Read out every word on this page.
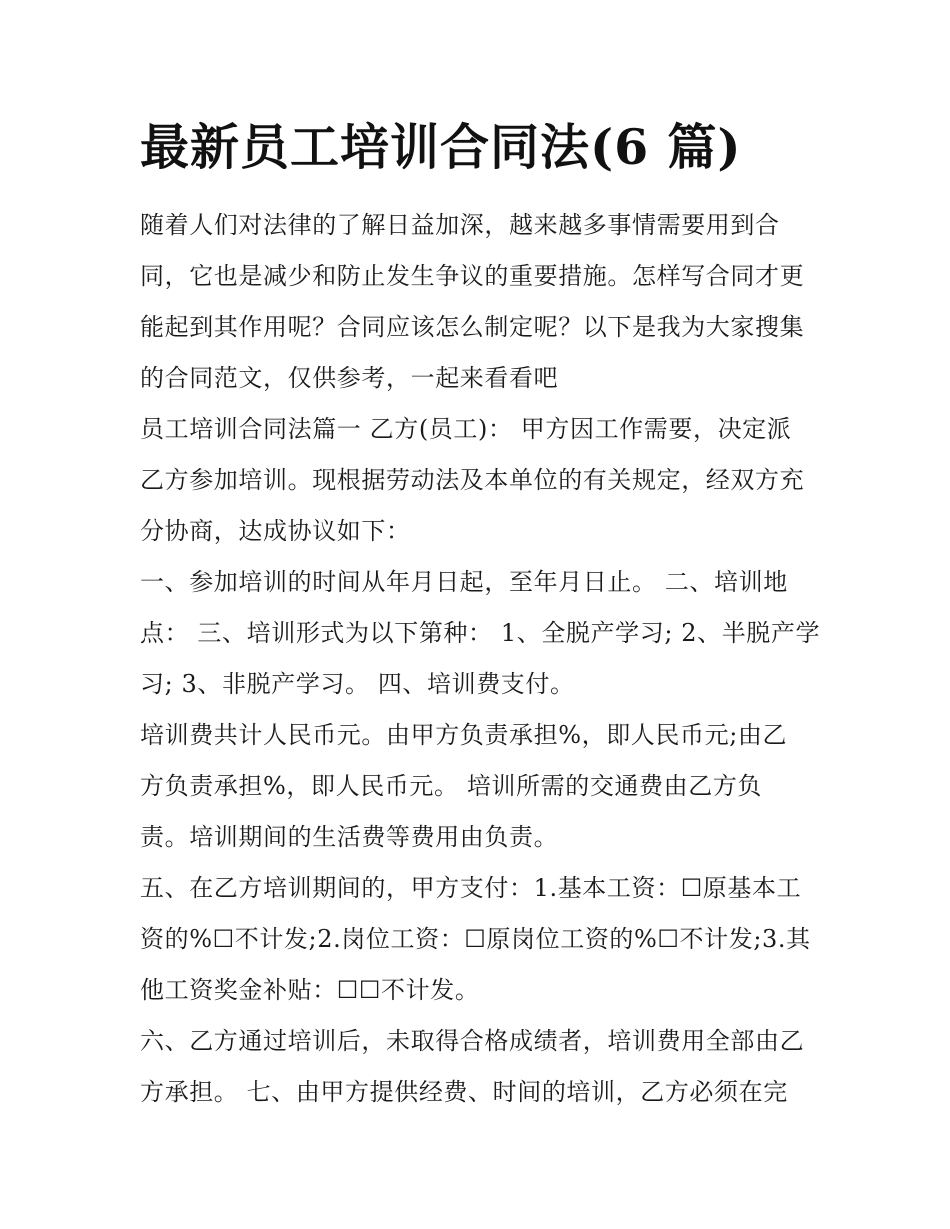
最新员工培训合同法(6 篇)

随着人们对法律的了解日益加深，越来越多事情需要用到合

同，它也是减少和防止发生争议的重要措施。怎样写合同才更

能起到其作用呢？合同应该怎么制定呢？以下是我为大家搜集

的合同范文，仅供参考，一起来看看吧

员工培训合同法篇一 乙方(员工)： 甲方因工作需要，决定派

乙方参加培训。现根据劳动法及本单位的有关规定，经双方充

分协商，达成协议如下：

一、参加培训的时间从年月日起，至年月日止。 二、培训地

点： 三、培训形式为以下第种： 1、全脱产学习; 2、半脱产学

习; 3、非脱产学习。 四、培训费支付。

培训费共计人民币元。由甲方负责承担%，即人民币元;由乙

方负责承担%，即人民币元。 培训所需的交通费由乙方负

责。培训期间的生活费等费用由负责。

五、在乙方培训期间的，甲方支付：1.基本工资：☐原基本工

资的%☐不计发;2.岗位工资：☐原岗位工资的%☐不计发;3.其

他工资奖金补贴：☐☐不计发。

六、乙方通过培训后，未取得合格成绩者，培训费用全部由乙

方承担。 七、由甲方提供经费、时间的培训，乙方必须在完
